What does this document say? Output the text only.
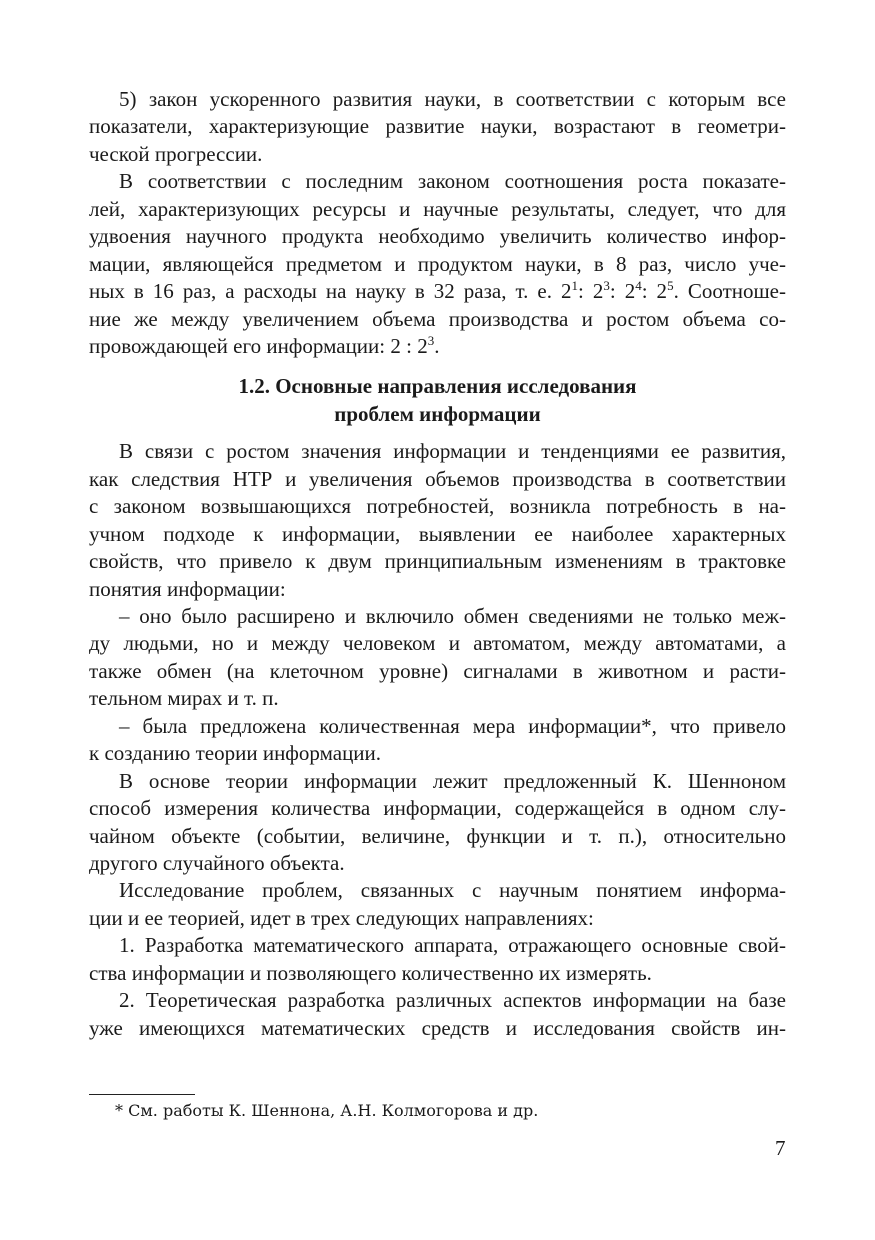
5) закон ускоренного развития науки, в соответствии с которым все
показатели, характеризующие развитие науки, возрастают в геометри-
ческой прогрессии.
В соответствии с последним законом соотношения роста показате-
лей, характеризующих ресурсы и научные результаты, следует, что для
удвоения научного продукта необходимо увеличить количество инфор-
мации, являющейся предметом и продуктом науки, в 8 раз, число уче-
ных в 16 раз, а расходы на науку в 32 раза, т. е. $2^1$: $2^3$: $2^4$: $2^5$. Соотноше-
ние же между увеличением объема производства и ростом объема со-
провождающей его информации: 2 : $2^3$.
1.2. Основные направления исследования
проблем информации
В связи с ростом значения информации и тенденциями ее развития,
как следствия НТР и увеличения объемов производства в соответствии
с законом возвышающихся потребностей, возникла потребность в на-
учном подходе к информации, выявлении ее наиболее характерных
свойств, что привело к двум принципиальным изменениям в трактовке
понятия информации:
– оно было расширено и включило обмен сведениями не только меж-
ду людьми, но и между человеком и автоматом, между автоматами, а
также обмен (на клеточном уровне) сигналами в животном и расти-
тельном мирах и т. п.
– была предложена количественная мера информации*, что привело
к созданию теории информации.
В основе теории информации лежит предложенный К. Шенноном
способ измерения количества информации, содержащейся в одном слу-
чайном объекте (событии, величине, функции и т. п.), относительно
другого случайного объекта.
Исследование проблем, связанных с научным понятием информа-
ции и ее теорией, идет в трех следующих направлениях:
1. Разработка математического аппарата, отражающего основные свой-
ства информации и позволяющего количественно их измерять.
2. Теоретическая разработка различных аспектов информации на базе
уже имеющихся математических средств и исследования свойств ин-
* См. работы К. Шеннона, А.Н. Колмогорова и др.
7
